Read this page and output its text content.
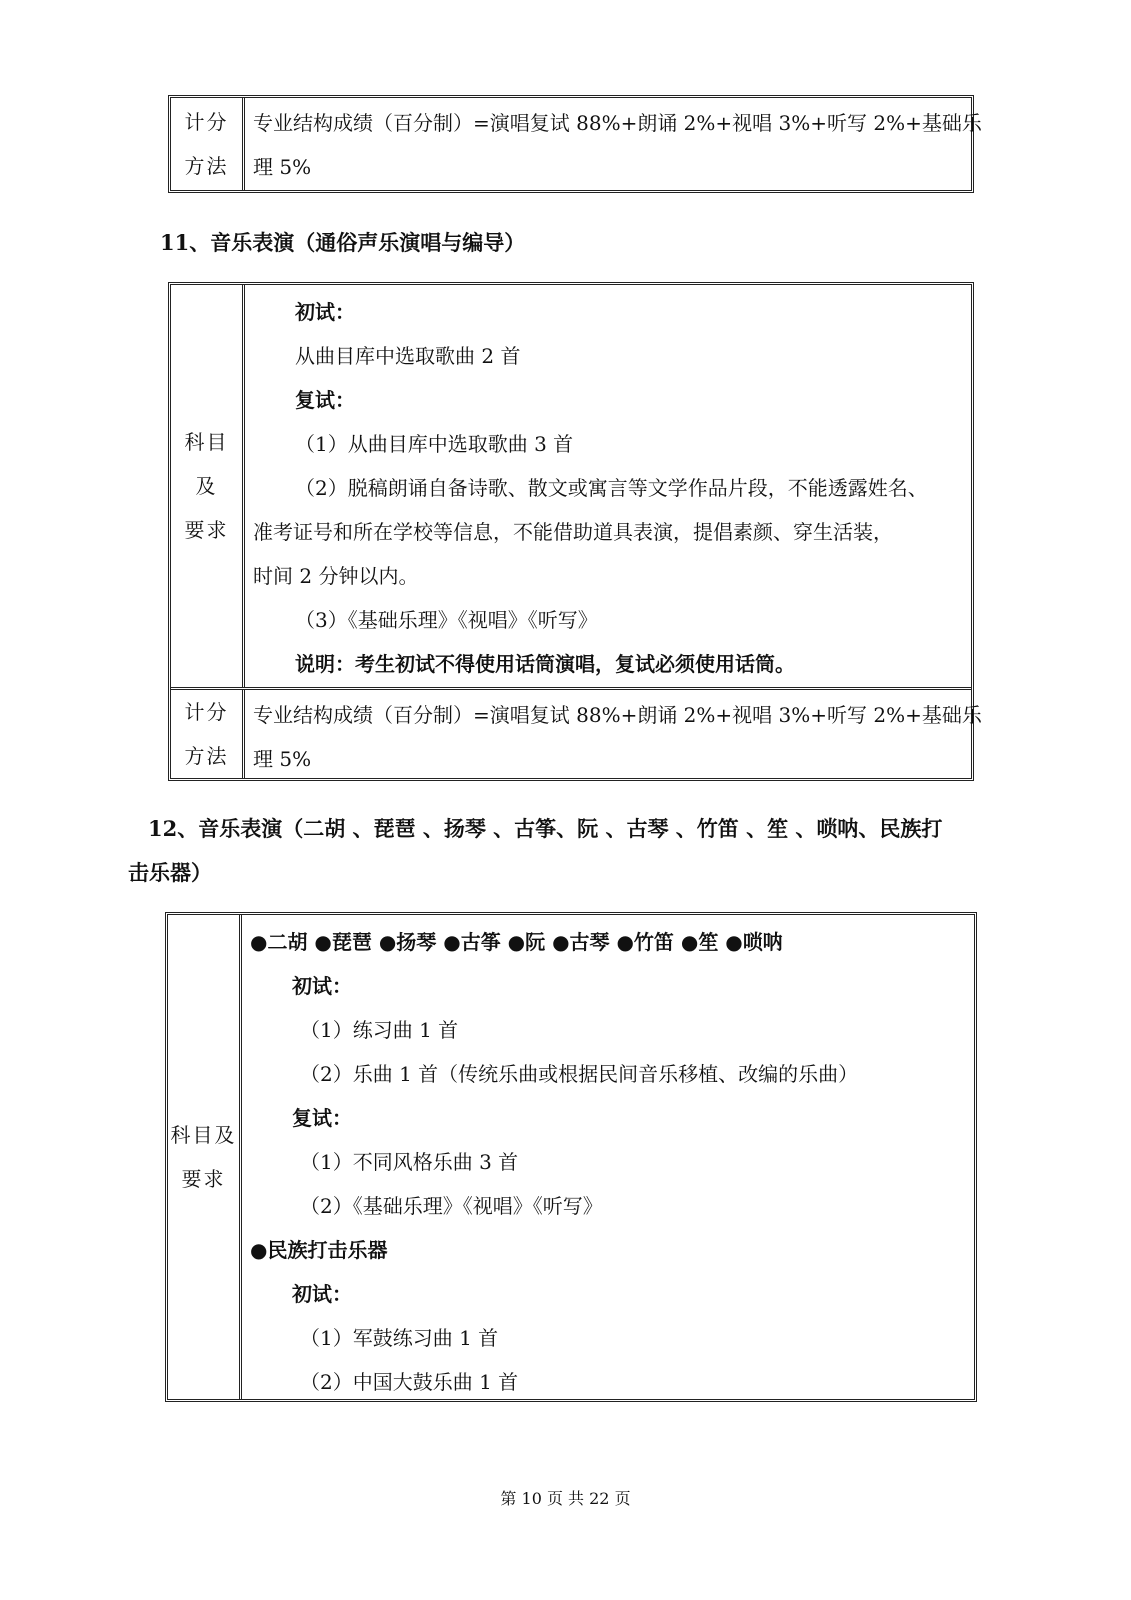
计分
方法
专业结构成绩（百分制）=演唱复试 88%+朗诵 2%+视唱 3%+听写 2%+基础乐
理 5%
11、音乐表演（通俗声乐演唱与编导）
科目
及
要求
初试：
从曲目库中选取歌曲 2 首
复试：
（1）从曲目库中选取歌曲 3 首
（2）脱稿朗诵自备诗歌、散文或寓言等文学作品片段，不能透露姓名、
准考证号和所在学校等信息，不能借助道具表演，提倡素颜、穿生活装，
时间 2 分钟以内。
（3）《基础乐理》《视唱》《听写》
说明：考生初试不得使用话筒演唱，复试必须使用话筒。
计分
方法
专业结构成绩（百分制）=演唱复试 88%+朗诵 2%+视唱 3%+听写 2%+基础乐
理 5%
12、音乐表演（二胡 、琵琶 、扬琴 、古筝、阮 、古琴 、竹笛 、笙 、唢呐、民族打
击乐器）
科目及
要求
●二胡 ●琵琶 ●扬琴 ●古筝 ●阮 ●古琴 ●竹笛 ●笙 ●唢呐
初试：
（1）练习曲 1 首
（2）乐曲 1 首（传统乐曲或根据民间音乐移植、改编的乐曲）
复试：
（1）不同风格乐曲 3 首
（2）《基础乐理》《视唱》《听写》
●民族打击乐器
初试：
（1）军鼓练习曲 1 首
（2）中国大鼓乐曲 1 首
第 10 页 共 22 页
